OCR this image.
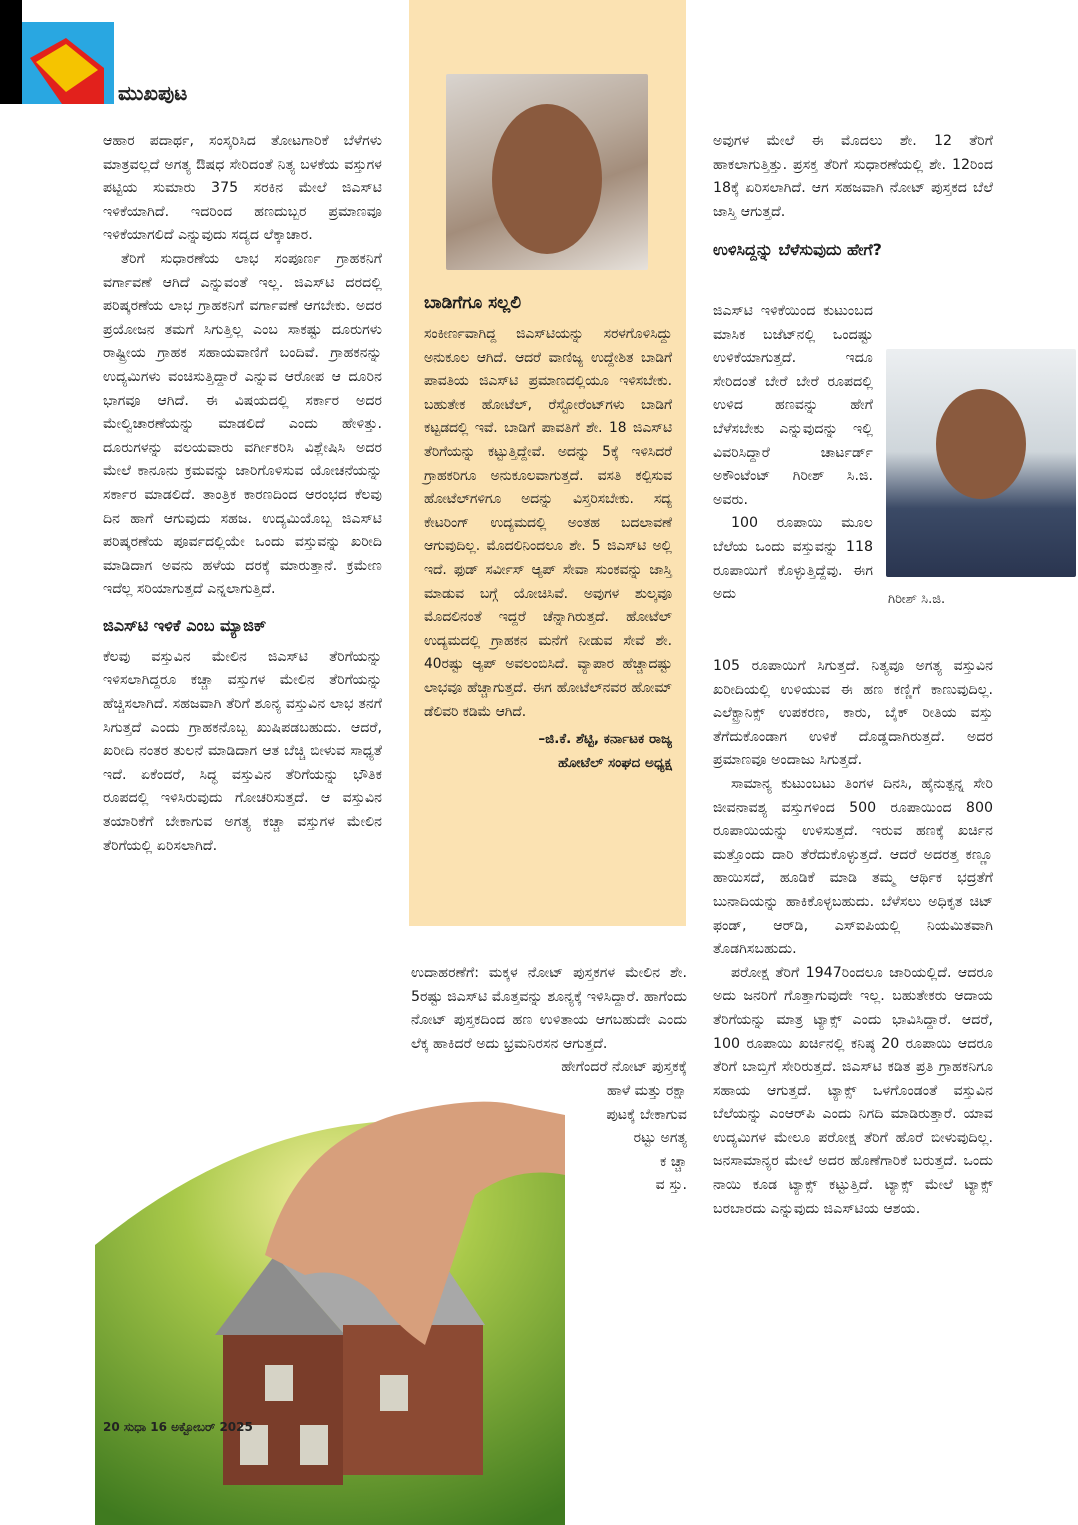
ಮುಖಪುಟ

ಆಹಾರ ಪದಾರ್ಥ, ಸಂಸ್ಕರಿಸಿದ ತೋಟಗಾರಿಕೆ ಬೆಳೆಗಳು ಮಾತ್ರವಲ್ಲದೆ ಅಗತ್ಯ ಔಷಧ ಸೇರಿದಂತೆ ನಿತ್ಯ ಬಳಕೆಯ ವಸ್ತುಗಳ ಪಟ್ಟಿಯ ಸುಮಾರು 375 ಸರಕಿನ ಮೇಲೆ ಜಿಎಸ್‌ಟಿ ಇಳಿಕೆಯಾಗಿದೆ. ಇದರಿಂದ ಹಣದುಬ್ಬರ ಪ್ರಮಾಣವೂ ಇಳಿಕೆಯಾಗಲಿದೆ ಎನ್ನುವುದು ಸದ್ಯದ ಲೆಕ್ಕಾಚಾರ.

ತೆರಿಗೆ ಸುಧಾರಣೆಯ ಲಾಭ ಸಂಪೂರ್ಣ ಗ್ರಾಹಕನಿಗೆ ವರ್ಗಾವಣೆ ಆಗಿದೆ ಎನ್ನುವಂತೆ ಇಲ್ಲ. ಜಿಎಸ್‌ಟಿ ದರದಲ್ಲಿ ಪರಿಷ್ಕರಣೆಯ ಲಾಭ ಗ್ರಾಹಕನಿಗೆ ವರ್ಗಾವಣೆ ಆಗಬೇಕು. ಅದರ ಪ್ರಯೋಜನ ತಮಗೆ ಸಿಗುತ್ತಿಲ್ಲ ಎಂಬ ಸಾಕಷ್ಟು ದೂರುಗಳು ರಾಷ್ಟ್ರೀಯ ಗ್ರಾಹಕ ಸಹಾಯವಾಣಿಗೆ ಬಂದಿವೆ. ಗ್ರಾಹಕನನ್ನು ಉದ್ಯಮಿಗಳು ವಂಚಿಸುತ್ತಿದ್ದಾರೆ ಎನ್ನುವ ಆರೋಪ ಆ ದೂರಿನ ಭಾಗವೂ ಆಗಿದೆ. ಈ ವಿಷಯದಲ್ಲಿ ಸರ್ಕಾರ ಅದರ ಮೇಲ್ವಿಚಾರಣೆಯನ್ನು ಮಾಡಲಿದೆ ಎಂದು ಹೇಳಿತ್ತು. ದೂರುಗಳನ್ನು ವಲಯವಾರು ವರ್ಗೀಕರಿಸಿ ವಿಶ್ಲೇಷಿಸಿ ಅದರ ಮೇಲೆ ಕಾನೂನು ಕ್ರಮವನ್ನು ಜಾರಿಗೊಳಿಸುವ ಯೋಚನೆಯನ್ನು ಸರ್ಕಾರ ಮಾಡಲಿದೆ. ತಾಂತ್ರಿಕ ಕಾರಣದಿಂದ ಆರಂಭದ ಕೆಲವು ದಿನ ಹಾಗೆ ಆಗುವುದು ಸಹಜ. ಉದ್ಯಮಿಯೊಬ್ಬ ಜಿಎಸ್‌ಟಿ ಪರಿಷ್ಕರಣೆಯ ಪೂರ್ವದಲ್ಲಿಯೇ ಒಂದು ವಸ್ತುವನ್ನು ಖರೀದಿ ಮಾಡಿದಾಗ ಅವನು ಹಳೆಯ ದರಕ್ಕೆ ಮಾರುತ್ತಾನೆ. ಕ್ರಮೇಣ ಇದೆಲ್ಲ ಸರಿಯಾಗುತ್ತದೆ ಎನ್ನಲಾಗುತ್ತಿದೆ.

ಜಿಎಸ್‌ಟಿ ಇಳಿಕೆ ಎಂಬ ಮ್ಯಾಜಿಕ್

ಕೆಲವು ವಸ್ತುವಿನ ಮೇಲಿನ ಜಿಎಸ್‌ಟಿ ತೆರಿಗೆಯನ್ನು ಇಳಿಸಲಾಗಿದ್ದರೂ ಕಚ್ಚಾ ವಸ್ತುಗಳ ಮೇಲಿನ ತೆರಿಗೆಯನ್ನು ಹೆಚ್ಚಿಸಲಾಗಿದೆ. ಸಹಜವಾಗಿ ತೆರಿಗೆ ಶೂನ್ಯ ವಸ್ತುವಿನ ಲಾಭ ತನಗೆ ಸಿಗುತ್ತದೆ ಎಂದು ಗ್ರಾಹಕನೊಬ್ಬ ಖುಷಿಪಡಬಹುದು. ಆದರೆ, ಖರೀದಿ ನಂತರ ತುಲನೆ ಮಾಡಿದಾಗ ಆತ ಬೆಚ್ಚಿ ಬೀಳುವ ಸಾಧ್ಯತೆ ಇದೆ. ಏಕೆಂದರೆ, ಸಿದ್ಧ ವಸ್ತುವಿನ ತೆರಿಗೆಯನ್ನು ಭೌತಿಕ ರೂಪದಲ್ಲಿ ಇಳಿಸಿರುವುದು ಗೋಚರಿಸುತ್ತದೆ. ಆ ವಸ್ತುವಿನ ತಯಾರಿಕೆಗೆ ಬೇಕಾಗುವ ಅಗತ್ಯ ಕಚ್ಚಾ ವಸ್ತುಗಳ ಮೇಲಿನ ತೆರಿಗೆಯಲ್ಲಿ ಏರಿಸಲಾಗಿದೆ.

ಬಾಡಿಗೆಗೂ ಸಲ್ಲಲಿ

ಸಂಕೀರ್ಣವಾಗಿದ್ದ ಜಿಎಸ್‌ಟಿಯನ್ನು ಸರಳಗೊಳಿಸಿದ್ದು ಅನುಕೂಲ ಆಗಿದೆ. ಆದರೆ ವಾಣಿಜ್ಯ ಉದ್ದೇಶಿತ ಬಾಡಿಗೆ ಪಾವತಿಯ ಜಿಎಸ್‌ಟಿ ಪ್ರಮಾಣದಲ್ಲಿಯೂ ಇಳಿಸಬೇಕು. ಬಹುತೇಕ ಹೋಟೆಲ್, ರೆಸ್ಟೋರೆಂಟ್‌ಗಳು ಬಾಡಿಗೆ ಕಟ್ಟಡದಲ್ಲಿ ಇವೆ. ಬಾಡಿಗೆ ಪಾವತಿಗೆ ಶೇ. 18 ಜಿಎಸ್‌ಟಿ ತೆರಿಗೆಯನ್ನು ಕಟ್ಟುತ್ತಿದ್ದೇವೆ. ಅದನ್ನು 5ಕ್ಕೆ ಇಳಿಸಿದರೆ ಗ್ರಾಹಕರಿಗೂ ಅನುಕೂಲವಾಗುತ್ತದೆ. ವಸತಿ ಕಲ್ಪಿಸುವ ಹೋಟೆಲ್‌ಗಳಿಗೂ ಅದನ್ನು ವಿಸ್ತರಿಸಬೇಕು. ಸದ್ಯ ಕೇಟರಿಂಗ್ ಉದ್ಯಮದಲ್ಲಿ ಅಂತಹ ಬದಲಾವಣೆ ಆಗುವುದಿಲ್ಲ. ಮೊದಲಿನಿಂದಲೂ ಶೇ. 5 ಜಿಎಸ್‌ಟಿ ಅಲ್ಲಿ ಇದೆ. ಫುಡ್ ಸರ್ವೀಸ್ ಆ್ಯಪ್ ಸೇವಾ ಸುಂಕವನ್ನು ಜಾಸ್ತಿ ಮಾಡುವ ಬಗ್ಗೆ ಯೋಚಿಸಿವೆ. ಅವುಗಳ ಶುಲ್ಕವೂ ಮೊದಲಿನಂತೆ ಇದ್ದರೆ ಚೆನ್ನಾಗಿರುತ್ತದೆ. ಹೋಟೆಲ್ ಉದ್ಯಮದಲ್ಲಿ ಗ್ರಾಹಕನ ಮನೆಗೆ ನೀಡುವ ಸೇವೆ ಶೇ. 40ರಷ್ಟು ಆ್ಯಪ್ ಅವಲಂಬಿಸಿದೆ. ವ್ಯಾಪಾರ ಹೆಚ್ಚಾದಷ್ಟು ಲಾಭವೂ ಹೆಚ್ಚಾಗುತ್ತದೆ. ಈಗ ಹೋಟೆಲ್‌ನವರ ಹೋಮ್ ಡೆಲಿವರಿ ಕಡಿಮೆ ಆಗಿದೆ.

–ಜಿ.ಕೆ. ಶೆಟ್ಟಿ, ಕರ್ನಾಟಕ ರಾಜ್ಯ

ಹೋಟೆಲ್ ಸಂಘದ ಅಧ್ಯಕ್ಷ

ಉದಾಹರಣೆಗೆ: ಮಕ್ಕಳ ನೋಟ್ ಪುಸ್ತಕಗಳ ಮೇಲಿನ ಶೇ. 5ರಷ್ಟು ಜಿಎಸ್‌ಟಿ ಮೊತ್ತವನ್ನು ಶೂನ್ಯಕ್ಕೆ ಇಳಿಸಿದ್ದಾರೆ. ಹಾಗೆಂದು ನೋಟ್ ಪುಸ್ತಕದಿಂದ ಹಣ ಉಳಿತಾಯ ಆಗಬಹುದೇ ಎಂದು ಲೆಕ್ಕ ಹಾಕಿದರೆ ಅದು ಭ್ರಮನಿರಸನ ಆಗುತ್ತದೆ.

ಹೇಗೆಂದರೆ ನೋಟ್ ಪುಸ್ತಕಕ್ಕೆ

ಹಾಳೆ ಮತ್ತು ರಕ್ಷಾ

ಪುಟಕ್ಕೆ ಬೇಕಾಗುವ

ರಟ್ಟು ಅಗತ್ಯ

ಕ ಚ್ಚಾ

ವ ಸ್ತು.

ಅವುಗಳ ಮೇಲೆ ಈ ಮೊದಲು ಶೇ. 12 ತೆರಿಗೆ ಹಾಕಲಾಗುತ್ತಿತ್ತು. ಪ್ರಸಕ್ತ ತೆರಿಗೆ ಸುಧಾರಣೆಯಲ್ಲಿ ಶೇ. 12ರಿಂದ 18ಕ್ಕೆ ಏರಿಸಲಾಗಿದೆ. ಆಗ ಸಹಜವಾಗಿ ನೋಟ್ ಪುಸ್ತಕದ ಬೆಲೆ ಜಾಸ್ತಿ ಆಗುತ್ತದೆ.

ಉಳಿಸಿದ್ದನ್ನು ಬೆಳೆಸುವುದು ಹೇಗೆ?

ಜಿಎಸ್‌ಟಿ ಇಳಿಕೆಯಿಂದ ಕುಟುಂಬದ ಮಾಸಿಕ ಬಜೆಟ್‌ನಲ್ಲಿ ಒಂದಷ್ಟು ಉಳಿಕೆಯಾಗುತ್ತದೆ. ಇದೂ ಸೇರಿದಂತೆ ಬೇರೆ ಬೇರೆ ರೂಪದಲ್ಲಿ ಉಳಿದ ಹಣವನ್ನು ಹೇಗೆ ಬೆಳೆಸಬೇಕು ಎನ್ನುವುದನ್ನು ಇಲ್ಲಿ ವಿವರಿಸಿದ್ದಾರೆ ಚಾರ್ಟರ್ಡ್ ಅಕೌಂಟೆಂಟ್ ಗಿರೀಶ್ ಸಿ.ಜಿ. ಅವರು.

100 ರೂಪಾಯಿ ಮೂಲ ಬೆಲೆಯ ಒಂದು ವಸ್ತುವನ್ನು 118 ರೂಪಾಯಿಗೆ ಕೊಳ್ಳುತ್ತಿದ್ದೆವು. ಈಗ ಅದು

105 ರೂಪಾಯಿಗೆ ಸಿಗುತ್ತದೆ. ನಿತ್ಯವೂ ಅಗತ್ಯ ವಸ್ತುವಿನ ಖರೀದಿಯಲ್ಲಿ ಉಳಿಯುವ ಈ ಹಣ ಕಣ್ಣಿಗೆ ಕಾಣುವುದಿಲ್ಲ. ಎಲೆಕ್ಟ್ರಾನಿಕ್ಸ್ ಉಪಕರಣ, ಕಾರು, ಬೈಕ್ ರೀತಿಯ ವಸ್ತು ತೆಗೆದುಕೊಂಡಾಗ ಉಳಿಕೆ ದೊಡ್ಡದಾಗಿರುತ್ತದೆ. ಅದರ ಪ್ರಮಾಣವೂ ಅಂದಾಜು ಸಿಗುತ್ತದೆ.

ಸಾಮಾನ್ಯ ಕುಟುಂಬಟು ತಿಂಗಳ ದಿನಸಿ, ಹೈನುತ್ಪನ್ನ ಸೇರಿ ಜೀವನಾವಶ್ಯ ವಸ್ತುಗಳಿಂದ 500 ರೂಪಾಯಿಂದ 800 ರೂಪಾಯಿಯನ್ನು ಉಳಿಸುತ್ತದೆ. ಇರುವ ಹಣಕ್ಕೆ ಖರ್ಚಿನ ಮತ್ತೊಂದು ದಾರಿ ತೆರೆದುಕೊಳ್ಳುತ್ತದೆ. ಆದರೆ ಅದರತ್ತ ಕಣ್ಣೂ ಹಾಯಿಸದೆ, ಹೂಡಿಕೆ ಮಾಡಿ ತಮ್ಮ ಆರ್ಥಿಕ ಭದ್ರತೆಗೆ ಬುನಾದಿಯನ್ನು ಹಾಕಿಕೊಳ್ಳಬಹುದು. ಬೆಳೆಸಲು ಅಧಿಕೃತ ಚಿಟ್ ಫಂಡ್, ಆರ್‌ಡಿ, ಎಸ್‌ಐಪಿಯಲ್ಲಿ ನಿಯಮಿತವಾಗಿ ತೊಡಗಿಸಬಹುದು.

ಪರೋಕ್ಷ ತೆರಿಗೆ 1947ರಿಂದಲೂ ಜಾರಿಯಲ್ಲಿದೆ. ಆದರೂ ಅದು ಜನರಿಗೆ ಗೊತ್ತಾಗುವುದೇ ಇಲ್ಲ. ಬಹುತೇಕರು ಆದಾಯ ತೆರಿಗೆಯನ್ನು ಮಾತ್ರ ಟ್ಯಾಕ್ಸ್ ಎಂದು ಭಾವಿಸಿದ್ದಾರೆ. ಆದರೆ, 100 ರೂಪಾಯಿ ಖರ್ಚಿನಲ್ಲಿ ಕನಿಷ್ಠ 20 ರೂಪಾಯಿ ಆದರೂ ತೆರಿಗೆ ಬಾಬ್ತಿಗೆ ಸೇರಿರುತ್ತದೆ. ಜಿಎಸ್‌ಟಿ ಕಡಿತ ಪ್ರತಿ ಗ್ರಾಹಕನಿಗೂ ಸಹಾಯ ಆಗುತ್ತದೆ. ಟ್ಯಾಕ್ಸ್ ಒಳಗೊಂಡಂತೆ ವಸ್ತುವಿನ ಬೆಲೆಯನ್ನು ಎಂಆರ್‌ಪಿ ಎಂದು ನಿಗದಿ ಮಾಡಿರುತ್ತಾರೆ. ಯಾವ ಉದ್ಯಮಿಗಳ ಮೇಲೂ ಪರೋಕ್ಷ ತೆರಿಗೆ ಹೊರೆ ಬೀಳುವುದಿಲ್ಲ. ಜನಸಾಮಾನ್ಯರ ಮೇಲೆ ಅದರ ಹೊಣೆಗಾರಿಕೆ ಬರುತ್ತದೆ. ಒಂದು ನಾಯಿ ಕೂಡ ಟ್ಯಾಕ್ಸ್ ಕಟ್ಟುತ್ತಿದೆ. ಟ್ಯಾಕ್ಸ್ ಮೇಲೆ ಟ್ಯಾಕ್ಸ್ ಬರಬಾರದು ಎನ್ನುವುದು ಜಿಎಸ್‌ಟಿಯ ಆಶಯ.

ಗಿರೀಶ್ ಸಿ.ಜಿ.
20 ಸುಧಾ 16 ಅಕ್ಟೋಬರ್ 2025
